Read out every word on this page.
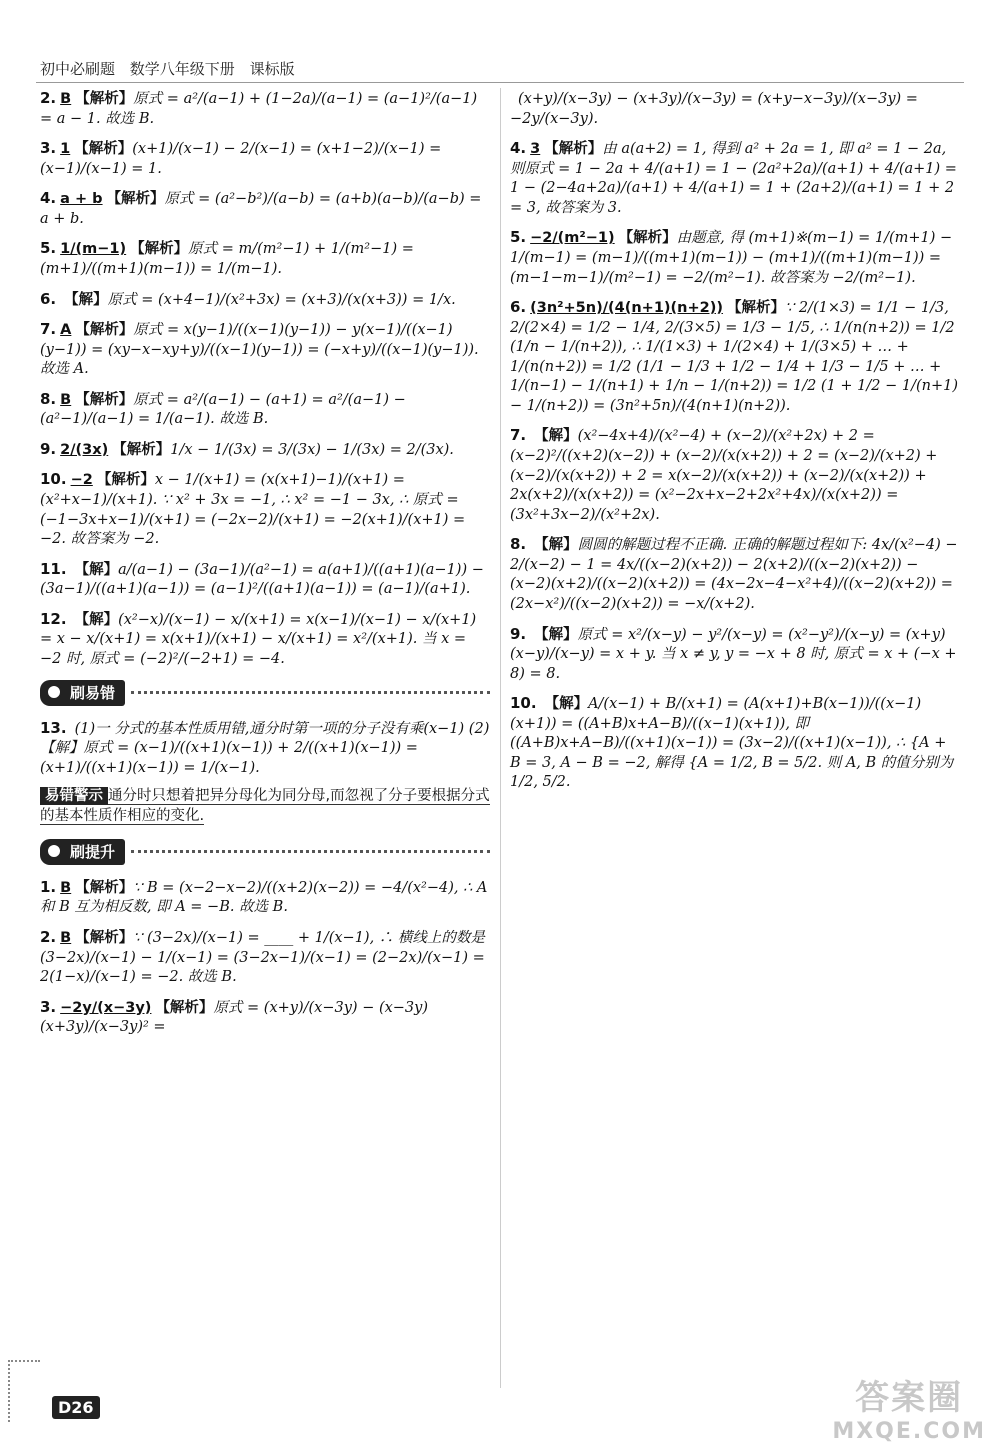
初中必刷题 数学八年级下册 课标版
2. B 【解析】原式 = a²/(a−1) + (1−2a)/(a−1) = (a−1)²/(a−1) = a − 1. 故选 B.
3. 1 【解析】(x+1)/(x−1) − 2/(x−1) = (x+1−2)/(x−1) = (x−1)/(x−1) = 1.
4. a + b 【解析】原式 = (a²−b²)/(a−b) = (a+b)(a−b)/(a−b) = a + b.
5. 1/(m−1) 【解析】原式 = m/(m²−1) + 1/(m²−1) = (m+1)/((m+1)(m−1)) = 1/(m−1).
6. 【解】原式 = (x+4−1)/(x²+3x) = (x+3)/(x(x+3)) = 1/x.
7. A 【解析】原式 = x(y−1)/((x−1)(y−1)) − y(x−1)/((x−1)(y−1)) = (xy−x−xy+y)/((x−1)(y−1)) = (−x+y)/((x−1)(y−1)). 故选 A.
8. B 【解析】原式 = a²/(a−1) − (a+1) = a²/(a−1) − (a²−1)/(a−1) = 1/(a−1). 故选 B.
9. 2/(3x) 【解析】1/x − 1/(3x) = 3/(3x) − 1/(3x) = 2/(3x).
10. −2 【解析】x − 1/(x+1) = (x(x+1)−1)/(x+1) = (x²+x−1)/(x+1). ∵ x² + 3x = −1, ∴ x² = −1 − 3x, ∴ 原式 = (−1−3x+x−1)/(x+1) = (−2x−2)/(x+1) = −2(x+1)/(x+1) = −2. 故答案为 −2.
11. 【解】a/(a−1) − (3a−1)/(a²−1) = a(a+1)/((a+1)(a−1)) − (3a−1)/((a+1)(a−1)) = (a−1)²/((a+1)(a−1)) = (a−1)/(a+1).
12. 【解】(x²−x)/(x−1) − x/(x+1) = x(x−1)/(x−1) − x/(x+1) = x − x/(x+1) = x(x+1)/(x+1) − x/(x+1) = x²/(x+1). 当 x = −2 时, 原式 = (−2)²/(−2+1) = −4.
刷易错
13. (1)一 分式的基本性质用错,通分时第一项的分子没有乘(x−1) (2)【解】原式 = (x−1)/((x+1)(x−1)) + 2/((x+1)(x−1)) = (x+1)/((x+1)(x−1)) = 1/(x−1).
易错警示 通分时只想着把异分母化为同分母,而忽视了分子要根据分式的基本性质作相应的变化.
刷提升
1. B 【解析】∵ B = (x−2−x−2)/((x+2)(x−2)) = −4/(x²−4), ∴ A 和 B 互为相反数, 即 A = −B. 故选 B.
2. B 【解析】∵ (3−2x)/(x−1) = ____ + 1/(x−1), ∴ 横线上的数是 (3−2x)/(x−1) − 1/(x−1) = (3−2x−1)/(x−1) = (2−2x)/(x−1) = 2(1−x)/(x−1) = −2. 故选 B.
3. −2y/(x−3y) 【解析】原式 = (x+y)/(x−3y) − (x−3y)(x+3y)/(x−3y)² =
(x+y)/(x−3y) − (x+3y)/(x−3y) = (x+y−x−3y)/(x−3y) = −2y/(x−3y).
4. 3 【解析】由 a(a+2) = 1, 得到 a² + 2a = 1, 即 a² = 1 − 2a, 则原式 = 1 − 2a + 4/(a+1) = 1 − (2a²+2a)/(a+1) + 4/(a+1) = 1 − (2−4a+2a)/(a+1) + 4/(a+1) = 1 + (2a+2)/(a+1) = 1 + 2 = 3, 故答案为 3.
5. −2/(m²−1) 【解析】由题意, 得 (m+1)※(m−1) = 1/(m+1) − 1/(m−1) = (m−1)/((m+1)(m−1)) − (m+1)/((m+1)(m−1)) = (m−1−m−1)/(m²−1) = −2/(m²−1). 故答案为 −2/(m²−1).
6. (3n²+5n)/(4(n+1)(n+2)) 【解析】∵ 2/(1×3) = 1/1 − 1/3, 2/(2×4) = 1/2 − 1/4, 2/(3×5) = 1/3 − 1/5, ∴ 1/(n(n+2)) = 1/2 (1/n − 1/(n+2)), ∴ 1/(1×3) + 1/(2×4) + 1/(3×5) + … + 1/(n(n+2)) = 1/2 (1/1 − 1/3 + 1/2 − 1/4 + 1/3 − 1/5 + … + 1/(n−1) − 1/(n+1) + 1/n − 1/(n+2)) = 1/2 (1 + 1/2 − 1/(n+1) − 1/(n+2)) = (3n²+5n)/(4(n+1)(n+2)).
7. 【解】(x²−4x+4)/(x²−4) + (x−2)/(x²+2x) + 2 = (x−2)²/((x+2)(x−2)) + (x−2)/(x(x+2)) + 2 = (x−2)/(x+2) + (x−2)/(x(x+2)) + 2 = x(x−2)/(x(x+2)) + (x−2)/(x(x+2)) + 2x(x+2)/(x(x+2)) = (x²−2x+x−2+2x²+4x)/(x(x+2)) = (3x²+3x−2)/(x²+2x).
8. 【解】圆圆的解题过程不正确. 正确的解题过程如下: 4x/(x²−4) − 2/(x−2) − 1 = 4x/((x−2)(x+2)) − 2(x+2)/((x−2)(x+2)) − (x−2)(x+2)/((x−2)(x+2)) = (4x−2x−4−x²+4)/((x−2)(x+2)) = (2x−x²)/((x−2)(x+2)) = −x/(x+2).
9. 【解】原式 = x²/(x−y) − y²/(x−y) = (x²−y²)/(x−y) = (x+y)(x−y)/(x−y) = x + y. 当 x ≠ y, y = −x + 8 时, 原式 = x + (−x + 8) = 8.
10. 【解】A/(x−1) + B/(x+1) = (A(x+1)+B(x−1))/((x−1)(x+1)) = ((A+B)x+A−B)/((x−1)(x+1)), 即 ((A+B)x+A−B)/((x+1)(x−1)) = (3x−2)/((x+1)(x−1)), ∴ {A + B = 3, A − B = −2, 解得 {A = 1/2, B = 5/2. 则 A, B 的值分别为 1/2, 5/2.
D26	答案圈
MXQE.COM
